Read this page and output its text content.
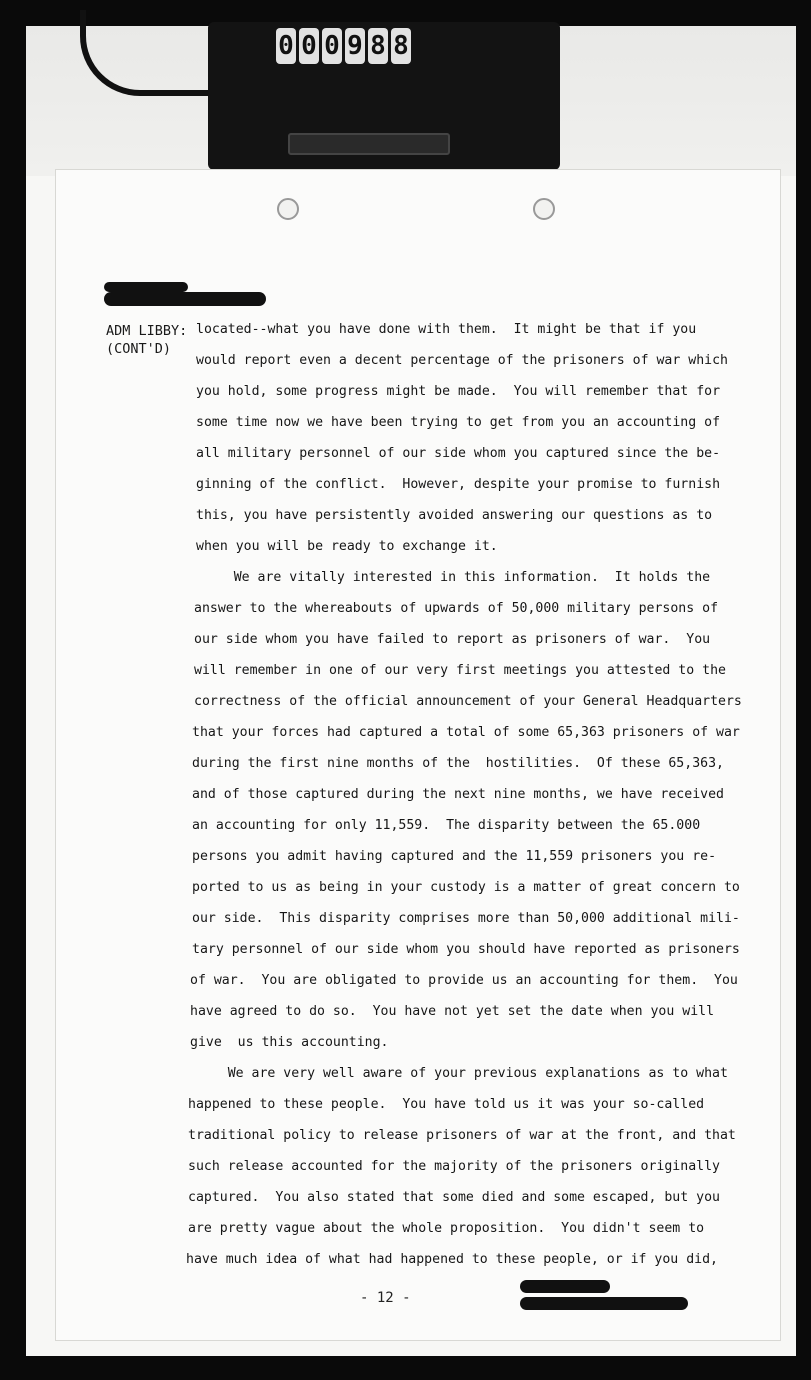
0 0 0 9 8 8
ADM LIBBY:
(CONT'D)
located--what you have done with them.  It might be that if you
would report even a decent percentage of the prisoners of war which
you hold, some progress might be made.  You will remember that for
some time now we have been trying to get from you an accounting of
all military personnel of our side whom you captured since the be-
ginning of the conflict.  However, despite your promise to furnish
this, you have persistently avoided answering our questions as to
when you will be ready to exchange it.
We are vitally interested in this information.  It holds the
answer to the whereabouts of upwards of 50,000 military persons of
our side whom you have failed to report as prisoners of war.  You
will remember in one of our very first meetings you attested to the
correctness of the official announcement of your General Headquarters
that your forces had captured a total of some 65,363 prisoners of war
during the first nine months of the  hostilities.  Of these 65,363,
and of those captured during the next nine months, we have received
an accounting for only 11,559.  The disparity between the 65.000
persons you admit having captured and the 11,559 prisoners you re-
ported to us as being in your custody is a matter of great concern to
our side.  This disparity comprises more than 50,000 additional mili-
tary personnel of our side whom you should have reported as prisoners
of war.  You are obligated to provide us an accounting for them.  You
have agreed to do so.  You have not yet set the date when you will
give  us this accounting.
We are very well aware of your previous explanations as to what
happened to these people.  You have told us it was your so-called
traditional policy to release prisoners of war at the front, and that
such release accounted for the majority of the prisoners originally
captured.  You also stated that some died and some escaped, but you
are pretty vague about the whole proposition.  You didn't seem to
have much idea of what had happened to these people, or if you did,
- 12 -
